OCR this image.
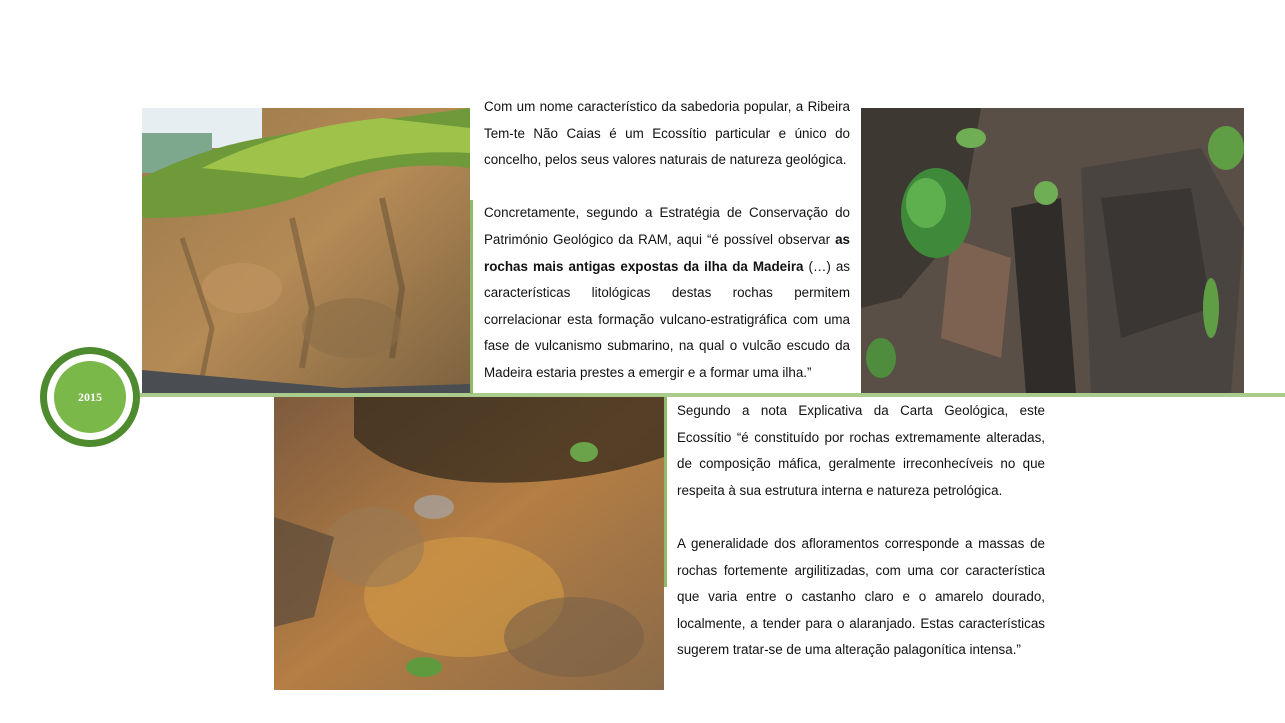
2015

Com um nome característico da sabedoria popular, a Ribeira Tem-te Não Caias é um Ecossítio particular e único do concelho, pelos seus valores naturais de natureza geológica.

Concretamente, segundo a Estratégia de Conservação do Património Geológico da RAM, aqui “é possível observar as rochas mais antigas expostas da ilha da Madeira (…) as características litológicas destas rochas permitem correlacionar esta formação vulcano-estratigráfica com uma fase de vulcanismo submarino, na qual o vulcão escudo da Madeira estaria prestes a emergir e a formar uma ilha.”

Segundo a nota Explicativa da Carta Geológica, este Ecossítio “é constituído por rochas extremamente alteradas, de composição máfica, geralmente irreconhecíveis no que respeita à sua estrutura interna e natureza petrológica.

A generalidade dos afloramentos corresponde a massas de rochas fortemente argilitizadas, com uma cor característica que varia entre o castanho claro e o amarelo dourado, localmente, a tender para o alaranjado. Estas características sugerem tratar-se de uma alteração palagonítica intensa.”
